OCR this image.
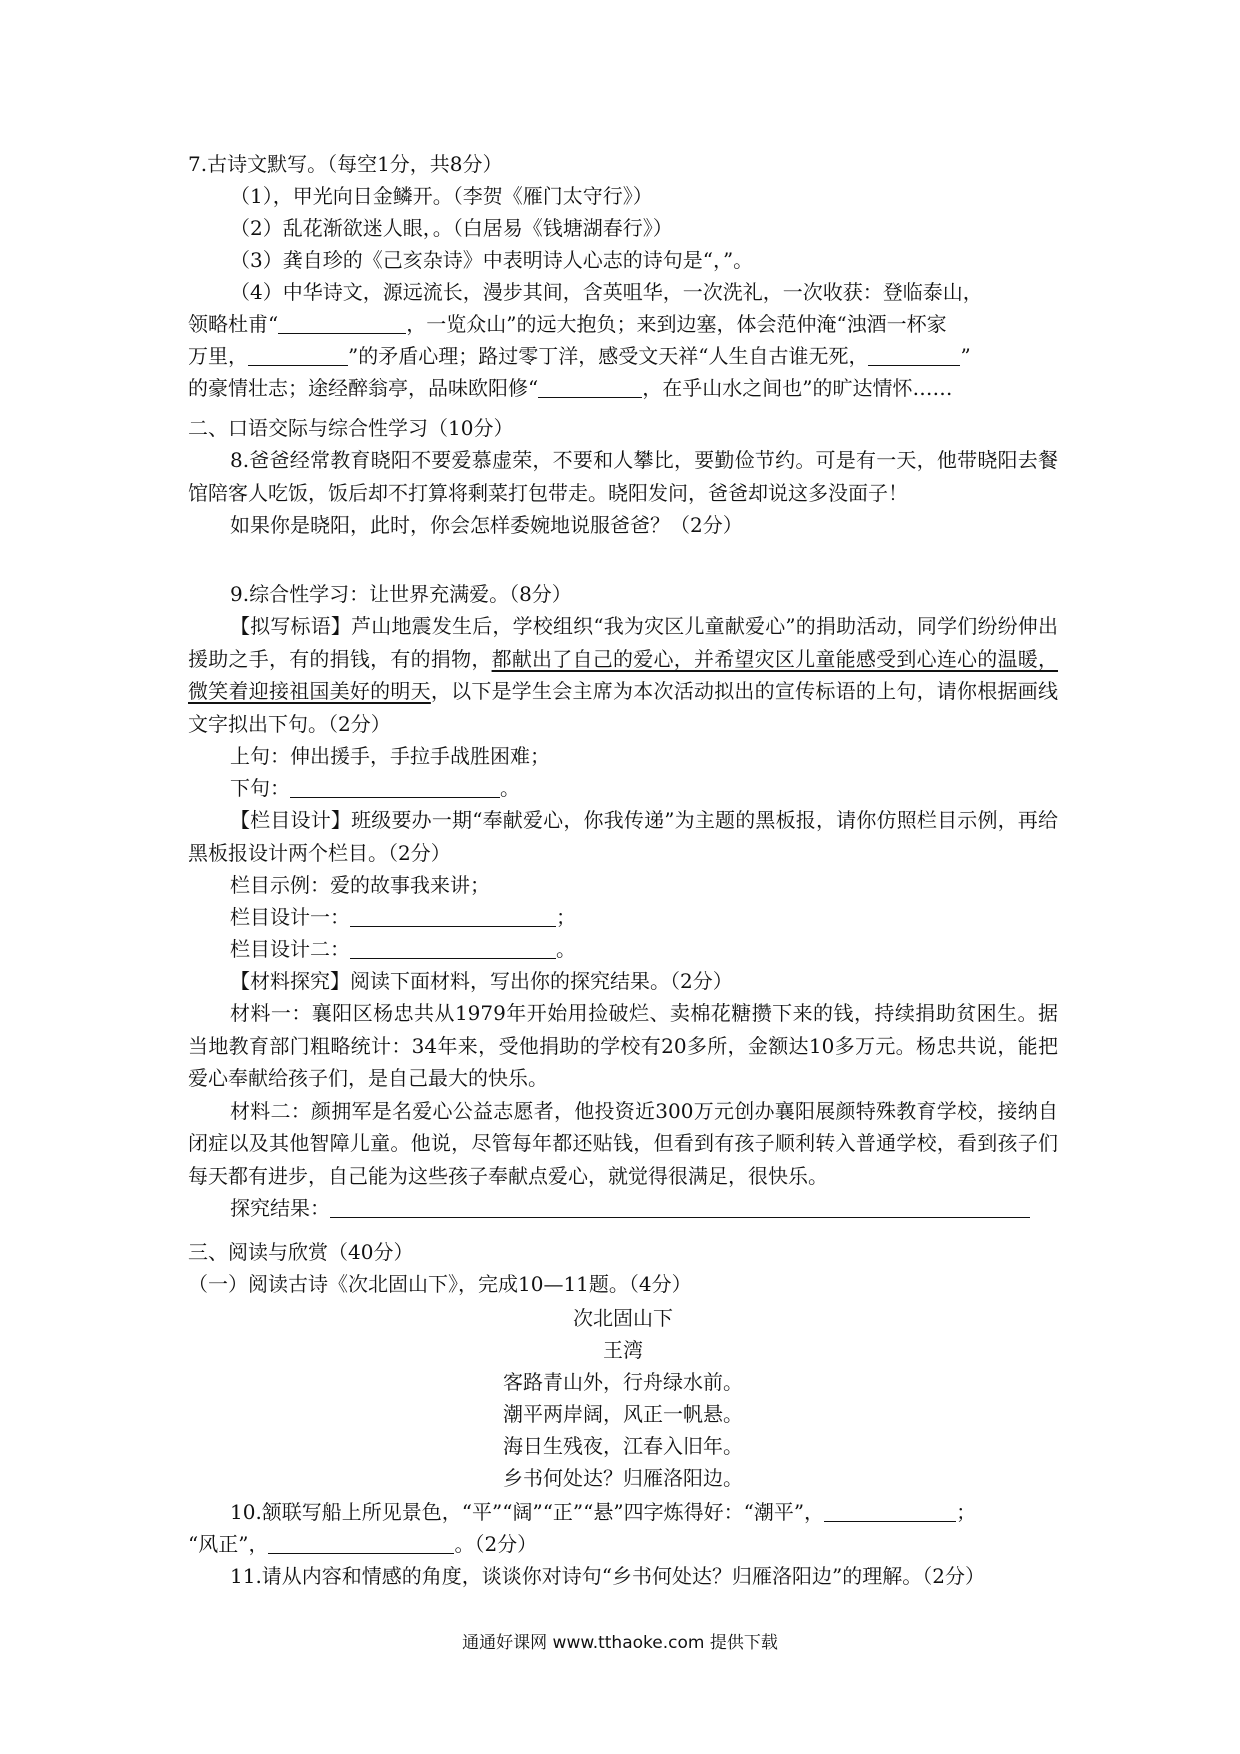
7.古诗文默写。（每空1分，共8分）
（1），甲光向日金鳞开。（李贺《雁门太守行》）
（2）乱花渐欲迷人眼，。（白居易《钱塘湖春行》）
（3）龚自珍的《己亥杂诗》中表明诗人心志的诗句是“，”。
（4）中华诗文，源远流长，漫步其间，含英咀华，一次洗礼，一次收获：登临泰山，
领略杜甫“	，一览众山”的远大抱负；来到边塞，体会范仲淹“浊酒一杯家
万里，	”的矛盾心理；路过零丁洋，感受文天祥“人生自古谁无死，	”
的豪情壮志；途经醉翁亭，品味欧阳修“	，在乎山水之间也”的旷达情怀……
二、口语交际与综合性学习（10分）
8.爸爸经常教育晓阳不要爱慕虚荣，不要和人攀比，要勤俭节约。可是有一天，他带晓阳去餐馆陪客人吃饭，饭后却不打算将剩菜打包带走。晓阳发问，爸爸却说这多没面子！
如果你是晓阳，此时，你会怎样委婉地说服爸爸？（2分）
9.综合性学习：让世界充满爱。（8分）
【拟写标语】芦山地震发生后，学校组织“我为灾区儿童献爱心”的捐助活动，同学们纷纷伸出援助之手，有的捐钱，有的捐物，都献出了自己的爱心，并希望灾区儿童能感受到心连心的温暖，微笑着迎接祖国美好的明天，以下是学生会主席为本次活动拟出的宣传标语的上句，请你根据画线文字拟出下句。（2分）
上句：伸出援手，手拉手战胜困难；
下句：	。
【栏目设计】班级要办一期“奉献爱心，你我传递”为主题的黑板报，请你仿照栏目示例，再给黑板报设计两个栏目。（2分）
栏目示例：爱的故事我来讲；
栏目设计一：	；
栏目设计二：	。
【材料探究】阅读下面材料，写出你的探究结果。（2分）
材料一：襄阳区杨忠共从1979年开始用捡破烂、卖棉花糖攒下来的钱，持续捐助贫困生。据当地教育部门粗略统计：34年来，受他捐助的学校有20多所，金额达10多万元。杨忠共说，能把爱心奉献给孩子们，是自己最大的快乐。
材料二：颜拥军是名爱心公益志愿者，他投资近300万元创办襄阳展颜特殊教育学校，接纳自闭症以及其他智障儿童。他说，尽管每年都还贴钱，但看到有孩子顺利转入普通学校，看到孩子们每天都有进步，自己能为这些孩子奉献点爱心，就觉得很满足，很快乐。
探究结果：
三、阅读与欣赏（40分）
（一）阅读古诗《次北固山下》，完成10—11题。（4分）
次北固山下
王湾
客路青山外，行舟绿水前。
潮平两岸阔，风正一帆悬。
海日生残夜，江春入旧年。
乡书何处达？归雁洛阳边。
10.颔联写船上所见景色，“平”“阔”“正”“悬”四字炼得好：“潮平”，	；
“风正”，	。（2分）
11.请从内容和情感的角度，谈谈你对诗句“乡书何处达？归雁洛阳边”的理解。（2分）
通通好课网 www.tthaoke.com 提供下载
